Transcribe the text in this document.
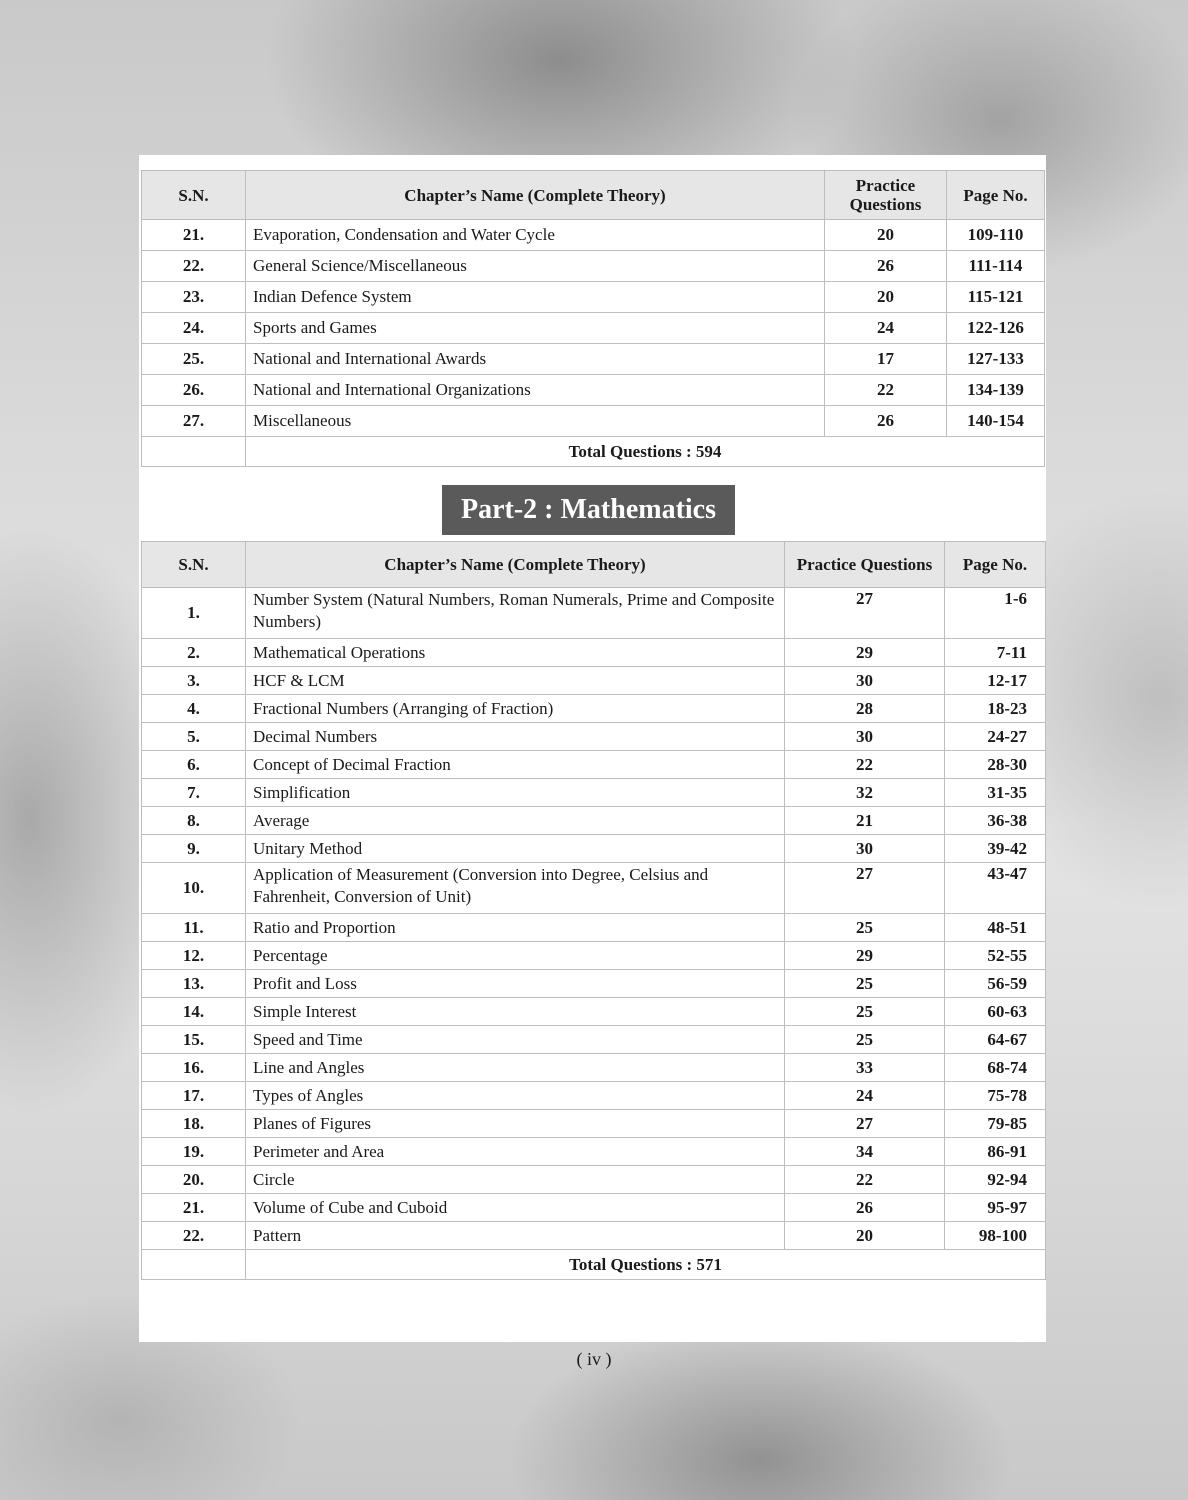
S.N.	Chapter’s Name (Complete Theory)	Practice Questions	Page No.
21.	Evaporation, Condensation and Water Cycle	20	109-110
22.	General Science/Miscellaneous	26	111-114
23.	Indian Defence System	20	115-121
24.	Sports and Games	24	122-126
25.	National and International Awards	17	127-133
26.	National and International Organizations	22	134-139
27.	Miscellaneous	26	140-154
	Total Questions : 594		
Part-2 : Mathematics
S.N.	Chapter’s Name (Complete Theory)	Practice Questions	Page No.
1.	Number System (Natural Numbers, Roman Numerals, Prime and Composite Numbers)	27	1-6
2.	Mathematical Operations	29	7-11
3.	HCF & LCM	30	12-17
4.	Fractional Numbers (Arranging of Fraction)	28	18-23
5.	Decimal Numbers	30	24-27
6.	Concept of Decimal Fraction	22	28-30
7.	Simplification	32	31-35
8.	Average	21	36-38
9.	Unitary Method	30	39-42
10.	Application of Measurement (Conversion into Degree, Celsius and Fahrenheit, Conversion of Unit)	27	43-47
11.	Ratio and Proportion	25	48-51
12.	Percentage	29	52-55
13.	Profit and Loss	25	56-59
14.	Simple Interest	25	60-63
15.	Speed and Time	25	64-67
16.	Line and Angles	33	68-74
17.	Types of Angles	24	75-78
18.	Planes of Figures	27	79-85
19.	Perimeter and Area	34	86-91
20.	Circle	22	92-94
21.	Volume of Cube and Cuboid	26	95-97
22.	Pattern	20	98-100
	Total Questions : 571		
( iv )
